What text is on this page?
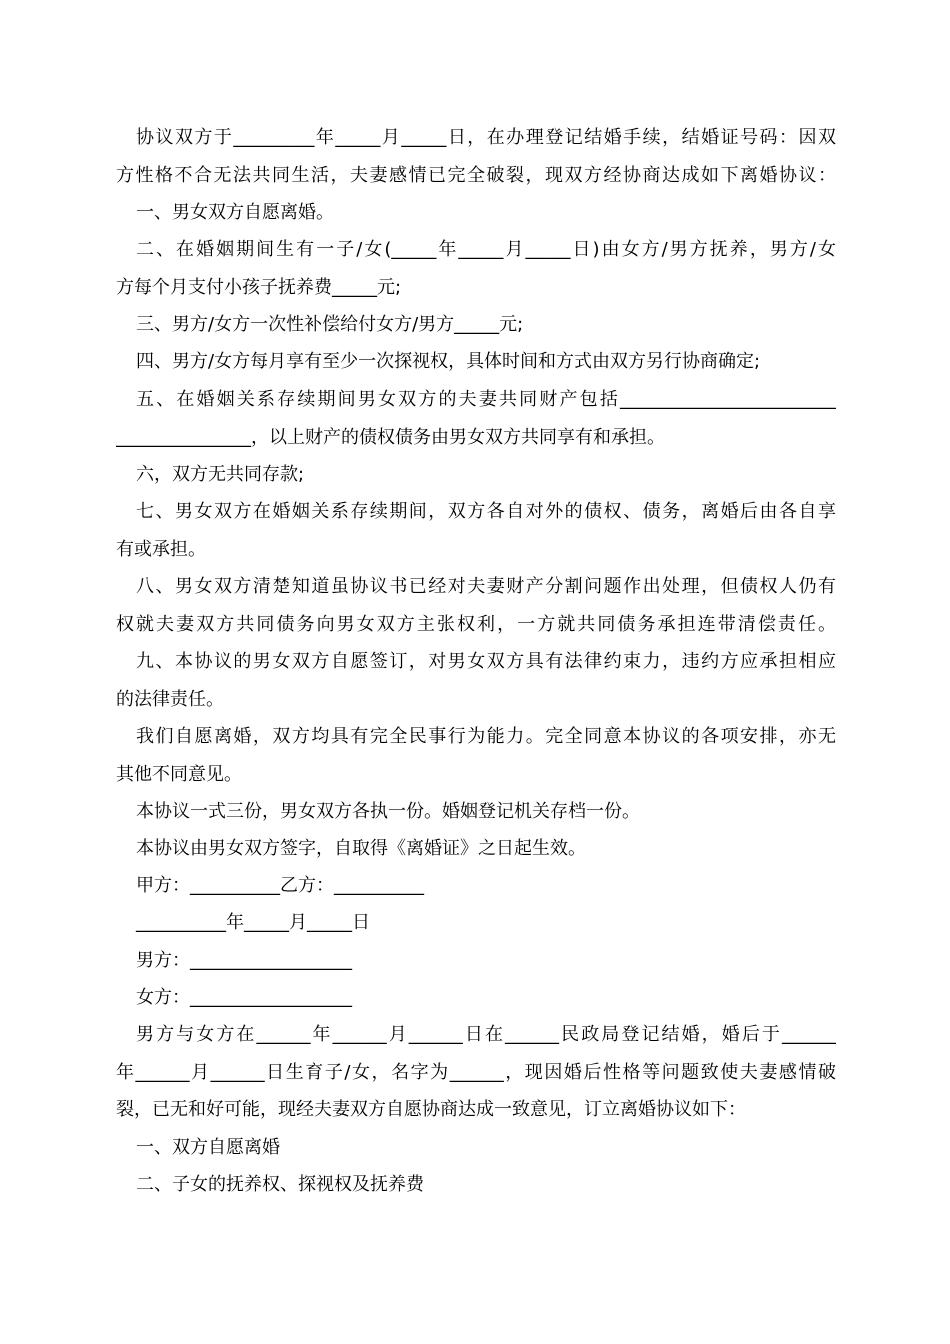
协议双方于_________年_____月_____日，在办理登记结婚手续，结婚证号码：因双
方性格不合无法共同生活，夫妻感情已完全破裂，现双方经协商达成如下离婚协议：
一、男女双方自愿离婚。
二、在婚姻期间生有一子/女(_____年_____月_____日)由女方/男方抚养，男方/女
方每个月支付小孩子抚养费_____元;
三、男方/女方一次性补偿给付女方/男方_____元;
四、男方/女方每月享有至少一次探视权，具体时间和方式由双方另行协商确定;
五、在婚姻关系存续期间男女双方的夫妻共同财产包括________________________
_______________，以上财产的债权债务由男女双方共同享有和承担。
六，双方无共同存款;
七、男女双方在婚姻关系存续期间，双方各自对外的债权、债务，离婚后由各自享
有或承担。
八、男女双方清楚知道虽协议书已经对夫妻财产分割问题作出处理，但债权人仍有
权就夫妻双方共同债务向男女双方主张权利，一方就共同债务承担连带清偿责任。
九、本协议的男女双方自愿签订，对男女双方具有法律约束力，违约方应承担相应
的法律责任。
我们自愿离婚，双方均具有完全民事行为能力。完全同意本协议的各项安排，亦无
其他不同意见。
本协议一式三份，男女双方各执一份。婚姻登记机关存档一份。
本协议由男女双方签字，自取得《离婚证》之日起生效。
甲方：__________乙方：__________
__________年_____月_____日
男方：__________________
女方：__________________
男方与女方在______年______月______日在______民政局登记结婚，婚后于______
年______月______日生育子/女，名字为______，现因婚后性格等问题致使夫妻感情破
裂，已无和好可能，现经夫妻双方自愿协商达成一致意见，订立离婚协议如下：
一、双方自愿离婚
二、子女的抚养权、探视权及抚养费
